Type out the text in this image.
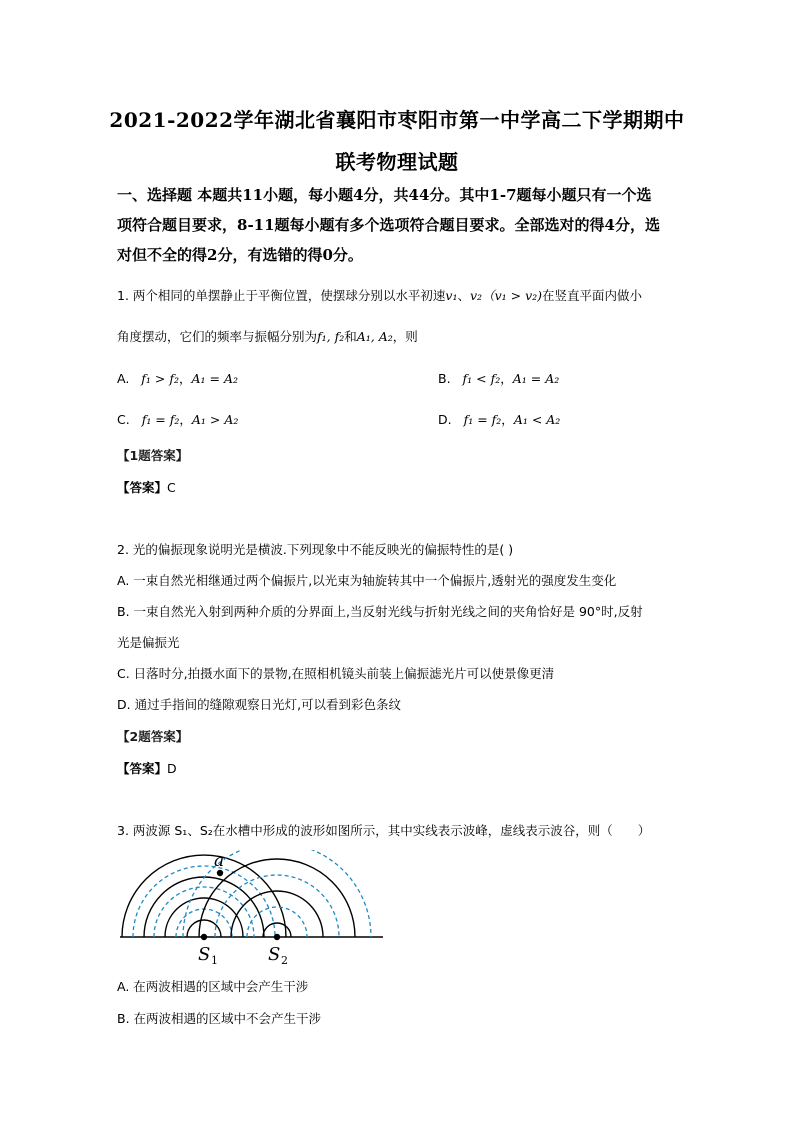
2021-2022学年湖北省襄阳市枣阳市第一中学高二下学期期中
联考物理试题
一、选择题 本题共11小题，每小题4分，共44分。其中1-7题每小题只有一个选
项符合题目要求，8-11题每小题有多个选项符合题目要求。全部选对的得4分，选
对但不全的得2分，有选错的得0分。
1. 两个相同的单摆静止于平衡位置，使摆球分别以水平初速v₁、v₂（v₁ > v₂)在竖直平面内做小
角度摆动，它们的频率与振幅分别为f₁, f₂和A₁, A₂，则
A. f₁ > f₂，A₁ = A₂	B. f₁ < f₂，A₁ = A₂
C. f₁ = f₂，A₁ > A₂	D. f₁ = f₂，A₁ < A₂
【1题答案】
【答案】C
2. 光的偏振现象说明光是横波.下列现象中不能反映光的偏振特性的是( )
A. 一束自然光相继通过两个偏振片,以光束为轴旋转其中一个偏振片,透射光的强度发生变化
B. 一束自然光入射到两种介质的分界面上,当反射光线与折射光线之间的夹角恰好是 90°时,反射
光是偏振光
C. 日落时分,拍摄水面下的景物,在照相机镜头前装上偏振滤光片可以使景像更清
D. 通过手指间的缝隙观察日光灯,可以看到彩色条纹
【2题答案】
【答案】D
3. 两波源 S₁、S₂在水槽中形成的波形如图所示，其中实线表示波峰，虚线表示波谷，则（　　）
a
S 1	S 2
A. 在两波相遇的区域中会产生干涉
B. 在两波相遇的区域中不会产生干涉
